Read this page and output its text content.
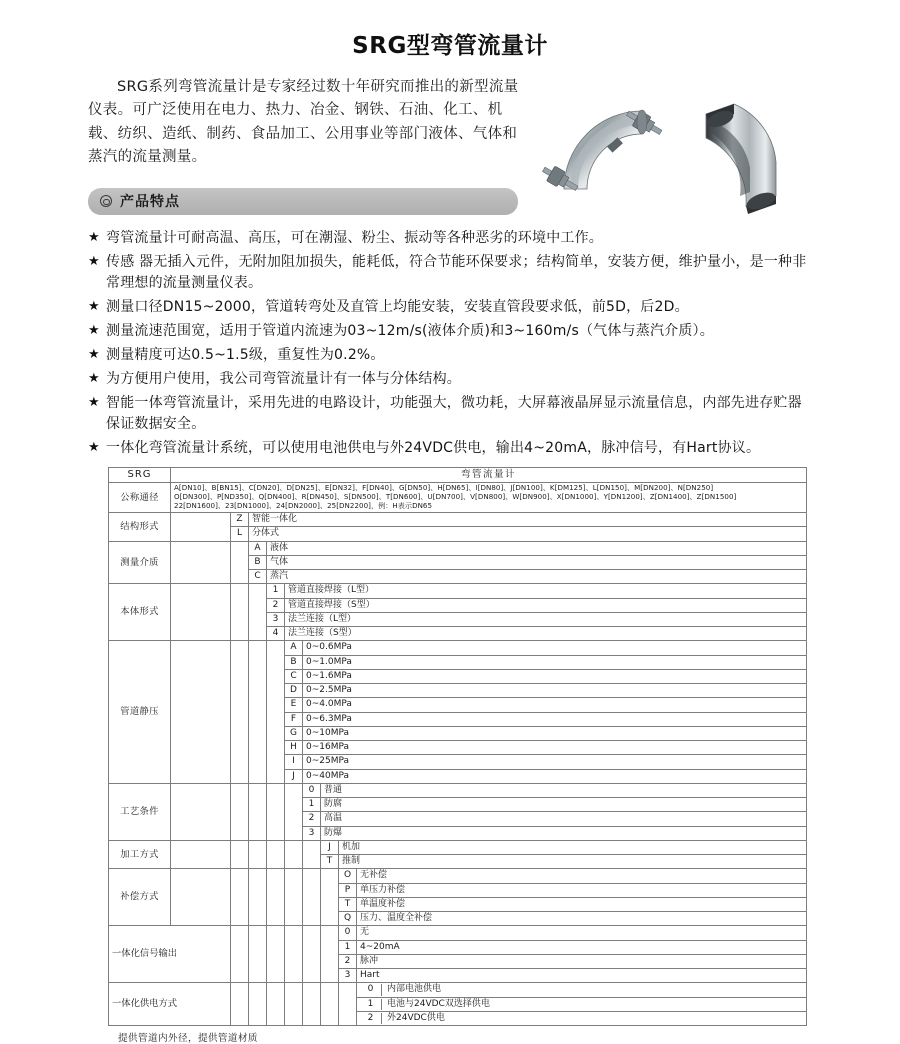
SRG型弯管流量计

SRG系列弯管流量计是专家经过数十年研究而推出的新型流量仪表。可广泛使用在电力、热力、冶金、钢铁、石油、化工、机载、纺织、造纸、制药、食品加工、公用事业等部门液体、气体和蒸汽的流量测量。

产品特点
★ 弯管流量计可耐高温、高压，可在潮湿、粉尘、振动等各种恶劣的环境中工作。
★ 传感 器无插入元件，无附加阻加损失，能耗低，符合节能环保要求；结构简单，安装方便，维护量小，是一种非常理想的流量测量仪表。
★ 测量口径DN15~2000，管道转弯处及直管上均能安装，安装直管段要求低，前5D，后2D。
★ 测量流速范围宽，适用于管道内流速为03~12m/s(液体介质)和3~160m/s（气体与蒸汽介质）。
★ 测量精度可达0.5~1.5级，重复性为0.2%。
★ 为方便用户使用，我公司弯管流量计有一体与分体结构。
★ 智能一体弯管流量计，采用先进的电路设计，功能强大，微功耗，大屏幕液晶屏显示流量信息，内部先进存贮器保证数据安全。
★ 一体化弯管流量计系统，可以使用电池供电与外24VDC供电，输出4~20mA，脉冲信号，有Hart协议。
SRG	弯管流量计								
公称通径	A[DN10]、B[BN15]、C[DN20]、D[DN25]、E[DN32]、F[DN40]、G[DN50]、H[DN65]、I[DN80]、J[DN100]、K[DM125]、L[DN150]、M[DN200]、N[DN250]
O[DN300]、P[ND350]、Q[DN400]、R[DN450]、S[DN500]、T[DN600]、U[DN700]、V[DN800]、W[DN900]、X[DN1000]、Y[DN1200]、Z[DN1400]、Z[DN1500]
22[DN1600]、23[DN1000]、24[DN2000]、25[DN2200]，例：H表示DN65								

结构形式		Z	智能一体化						
		L	分体式						
测量介质			A	液体					
			B	气体					
			C	蒸汽					
本体形式				1	管道直接焊接（L型）				
				2	管道直接焊接（S型）				
				3	法兰连接（L型）				
				4	法兰连接（S型）				
管道静压					A	0~0.6MPa			
					B	0~1.0MPa			
					C	0~1.6MPa			
					D	0~2.5MPa			
					E	0~4.0MPa			
					F	0~6.3MPa			
					G	0~10MPa			
					H	0~16MPa			
					I	0~25MPa			
					J	0~40MPa			
工艺条件						0	普通		
						1	防腐		
						2	高温		
						3	防爆		
加工方式							J	机加	
							T	推制	
补偿方式								O	无补偿
								P	单压力补偿
								T	单温度补偿
								Q	压力、温度全补偿
一体化信号输出								0	无
								1	4~20mA
								2	脉冲
								3	Hart
一体化供电方式									0 内部电池供电
									1 电池与24VDC双选择供电
									2 外24VDC供电
提供管道内外径，提供管道材质
